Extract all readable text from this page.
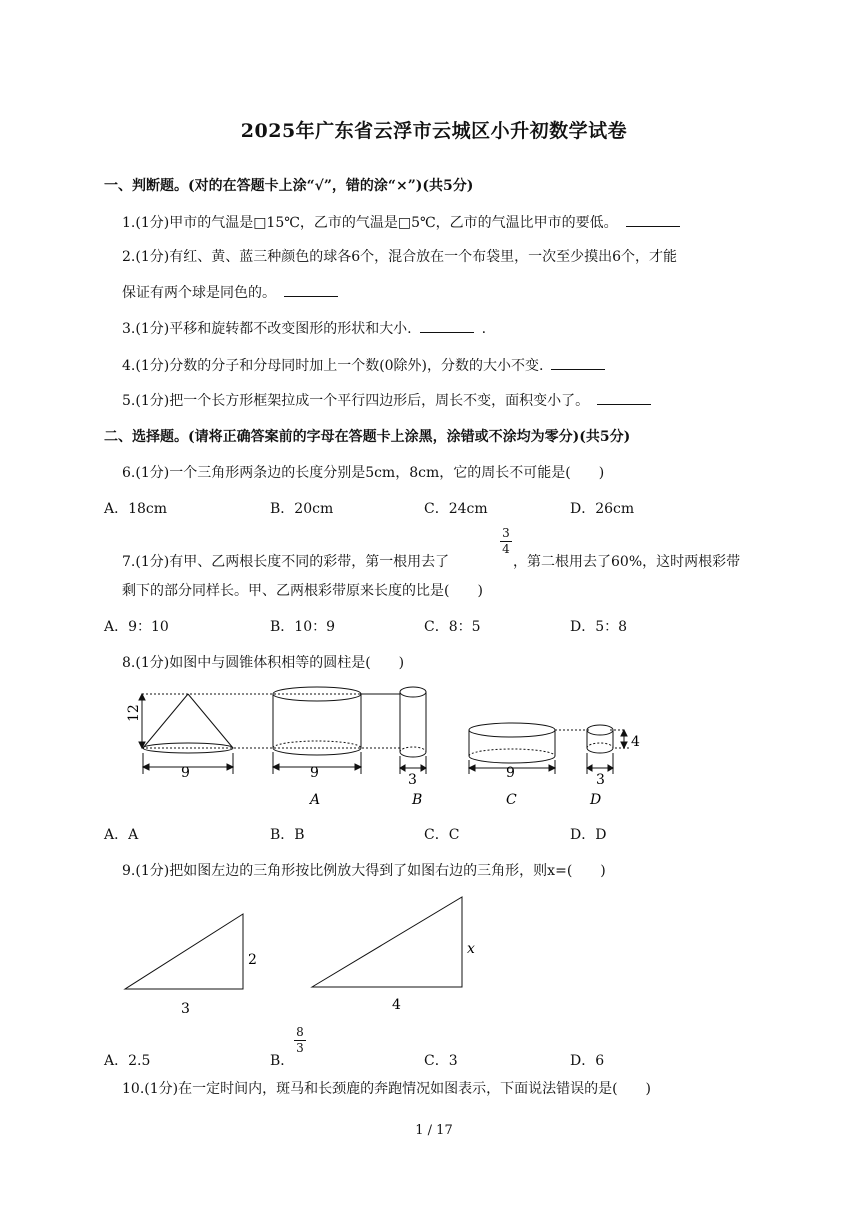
2025年广东省云浮市云城区小升初数学试卷
一、判断题。(对的在答题卡上涂“√”，错的涂“×”)(共5分)
1.(1分)甲市的气温是□15℃，乙市的气温是□5℃，乙市的气温比甲市的要低。
2.(1分)有红、黄、蓝三种颜色的球各6个，混合放在一个布袋里，一次至少摸出6个，才能
保证有两个球是同色的。
3.(1分)平移和旋转都不改变图形的形状和大小.	.
4.(1分)分数的分子和分母同时加上一个数(0除外)，分数的大小不变.
5.(1分)把一个长方形框架拉成一个平行四边形后，周长不变，面积变小了。
二、选择题。(请将正确答案前的字母在答题卡上涂黑，涂错或不涂均为零分)(共5分)
6.(1分)一个三角形两条边的长度分别是5cm，8cm，它的周长不可能是(　　)
A．18cm	B．20cm	C．24cm	D．26cm
7.(1分)有甲、乙两根长度不同的彩带，第一根用去了
3
4
，第二根用去了60%，这时两根彩带
剩下的部分同样长。甲、乙两根彩带原来长度的比是(　　)
A．9：10	B．10：9	C．8：5	D．5：8
8.(1分)如图中与圆锥体积相等的圆柱是(　　)
12
9	9	3	9	3
4
A	B	C	D
A．A	B．B	C．C	D．D
9.(1分)把如图左边的三角形按比例放大得到了如图右边的三角形，则x=(　　)
2
3
x
4
A．2.5	B．
8
3
C．3	D．6
10.(1分)在一定时间内，斑马和长颈鹿的奔跑情况如图表示，下面说法错误的是(　　)
1 / 17
